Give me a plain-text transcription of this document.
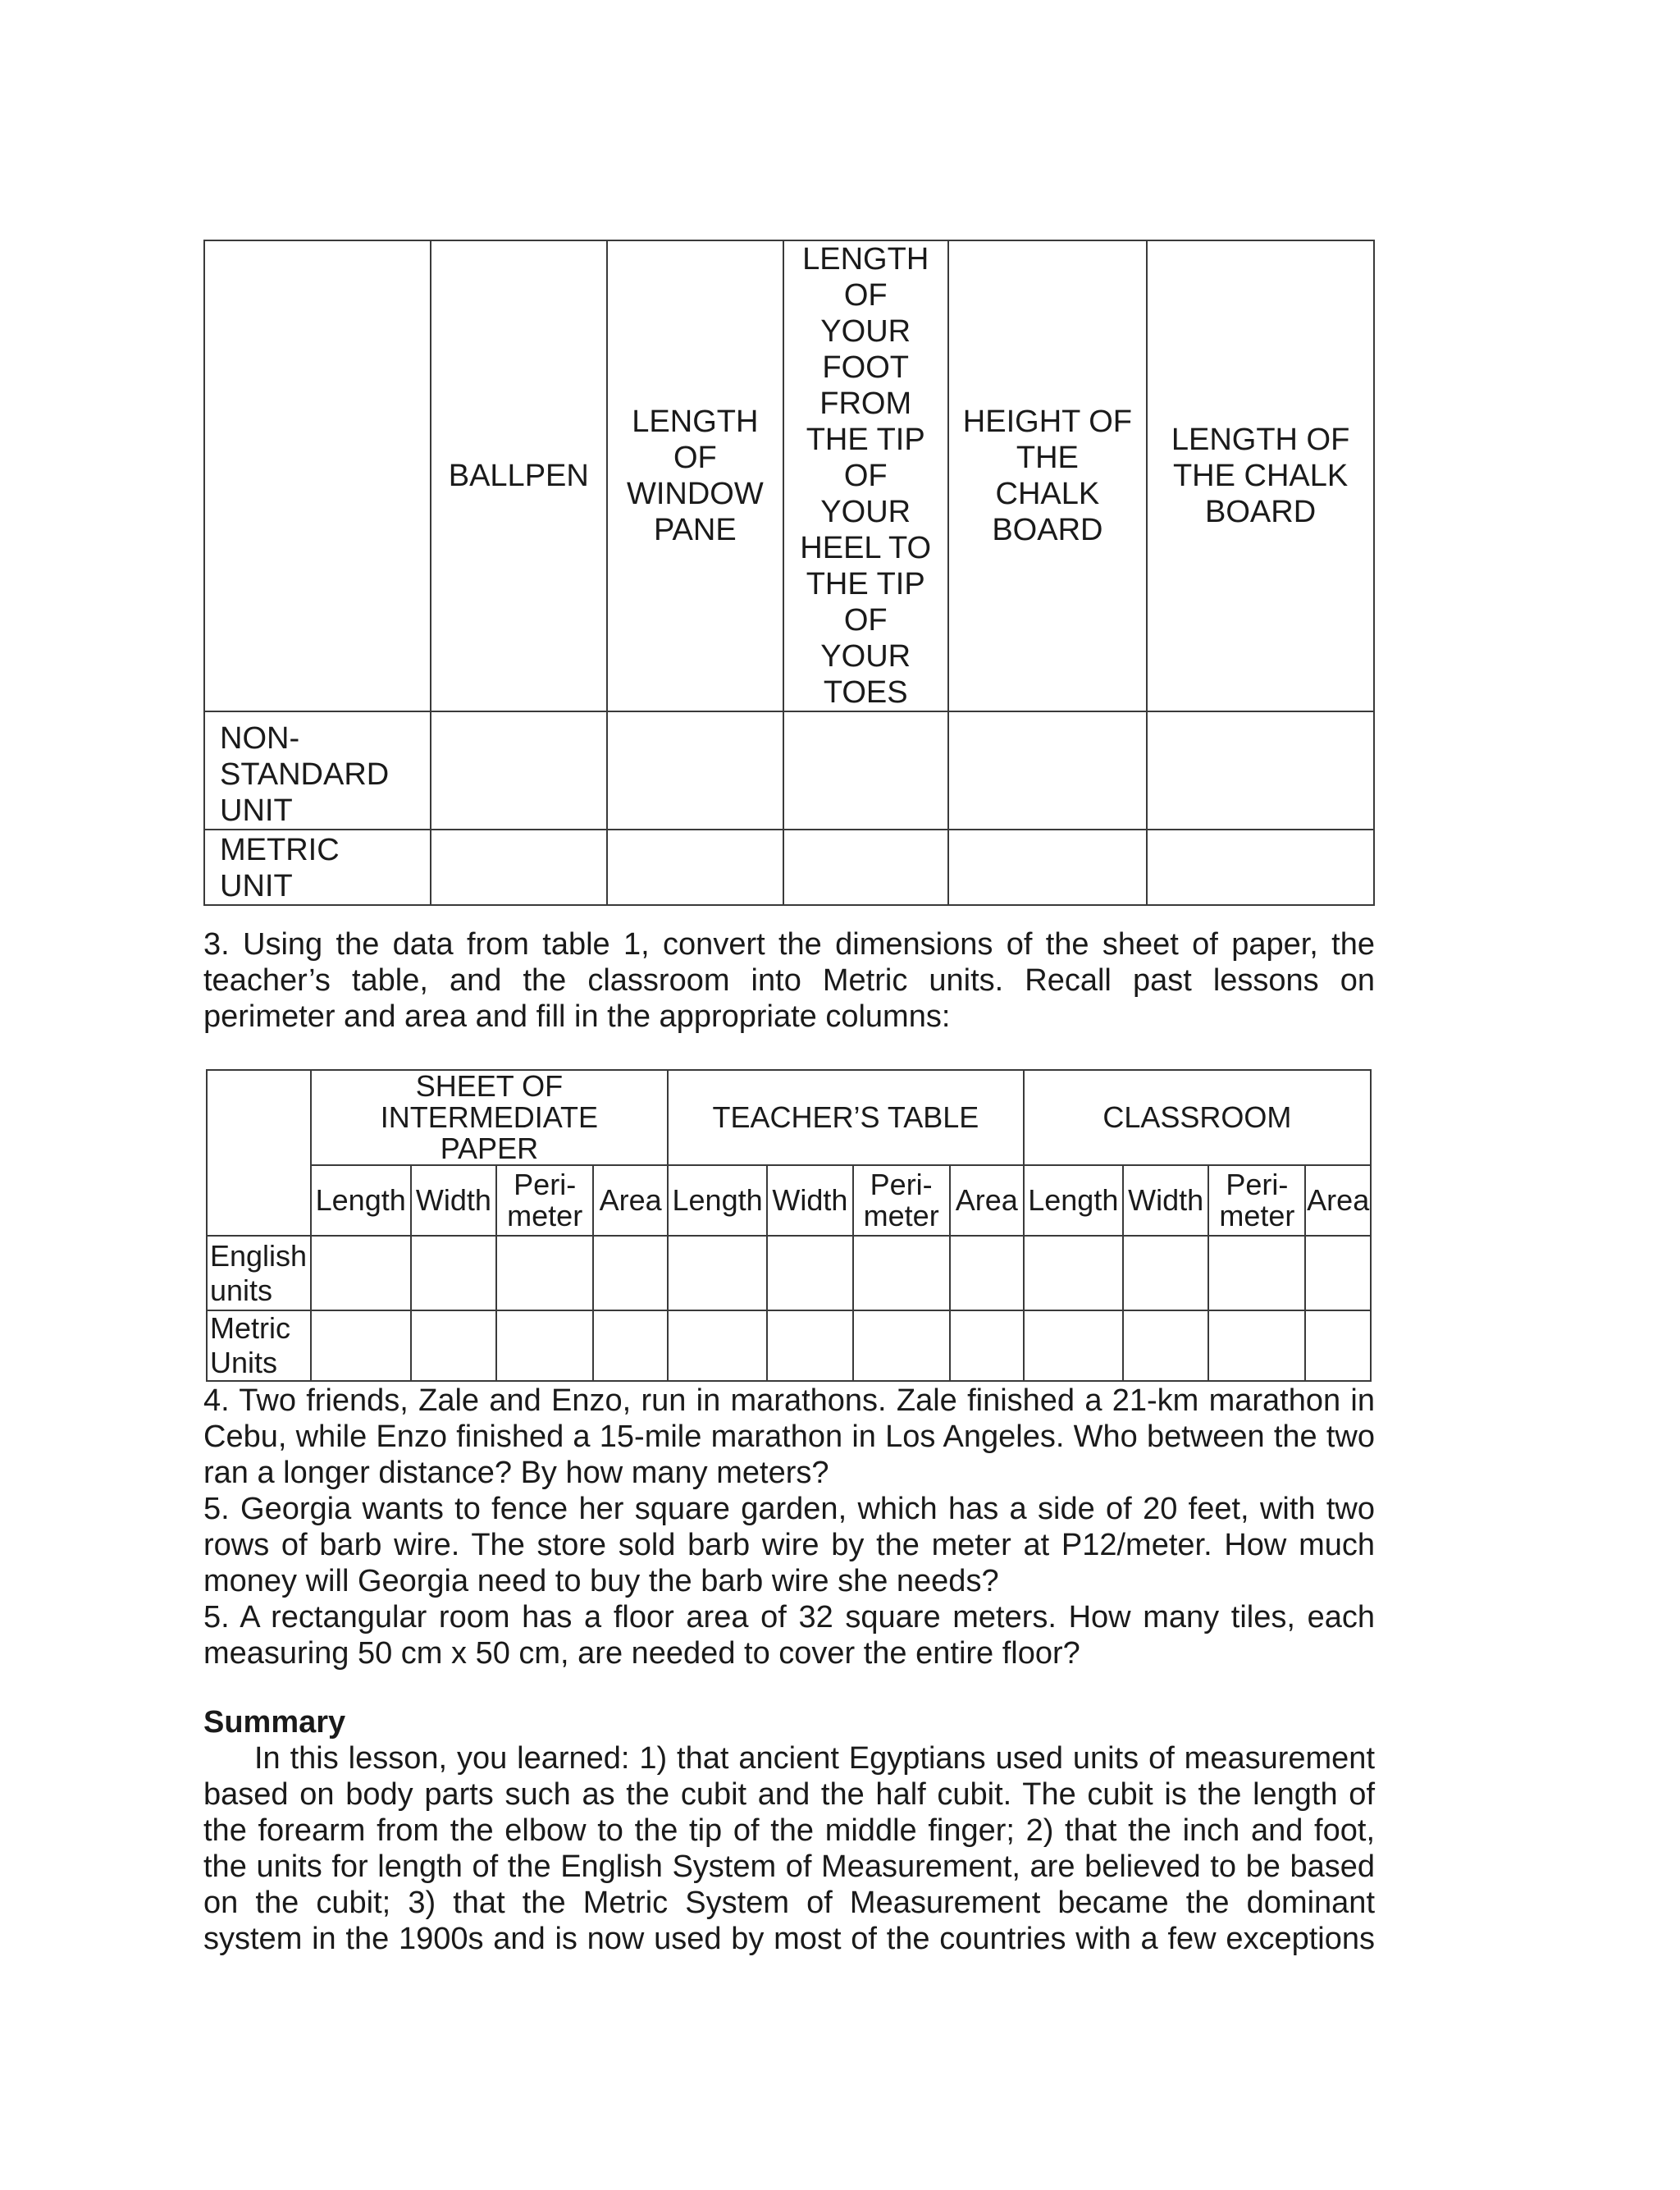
	BALLPEN	LENGTH OF WINDOW PANE	LENGTH OF YOUR FOOT FROM THE TIP OF YOUR HEEL TO THE TIP OF YOUR TOES	HEIGHT OF THE CHALK BOARD	LENGTH OF THE CHALK BOARD
NON-STANDARD UNIT					
METRIC UNIT					

3. Using the data from table 1, convert the dimensions of the sheet of paper, the teacher’s table, and the classroom into Metric units. Recall past lessons on perimeter and area and fill in the appropriate columns:

	SHEET OF INTERMEDIATE PAPER				TEACHER’S TABLE				CLASSROOM			
	Length	Width	Peri-meter	Area	Length	Width	Peri-meter	Area	Length	Width	Peri-meter	Area
English units												
Metric Units												

4. Two friends, Zale and Enzo, run in marathons. Zale finished a 21-km marathon in Cebu, while Enzo finished a 15-mile marathon in Los Angeles. Who between the two ran a longer distance? By how many meters?

5. Georgia wants to fence her square garden, which has a side of 20 feet, with two rows of barb wire. The store sold barb wire by the meter at P12/meter. How much money will Georgia need to buy the barb wire she needs?

5. A rectangular room has a floor area of 32 square meters. How many tiles, each measuring 50 cm x 50 cm, are needed to cover the entire floor?

Summary

In this lesson, you learned: 1) that ancient Egyptians used units of measurement based on body parts such as the cubit and the half cubit. The cubit is the length of the forearm from the elbow to the tip of the middle finger; 2) that the inch and foot, the units for length of the English System of Measurement, are believed to be based on the cubit; 3) that the Metric System of Measurement became the dominant system in the 1900s and is now used by most of the countries with a few exceptions
